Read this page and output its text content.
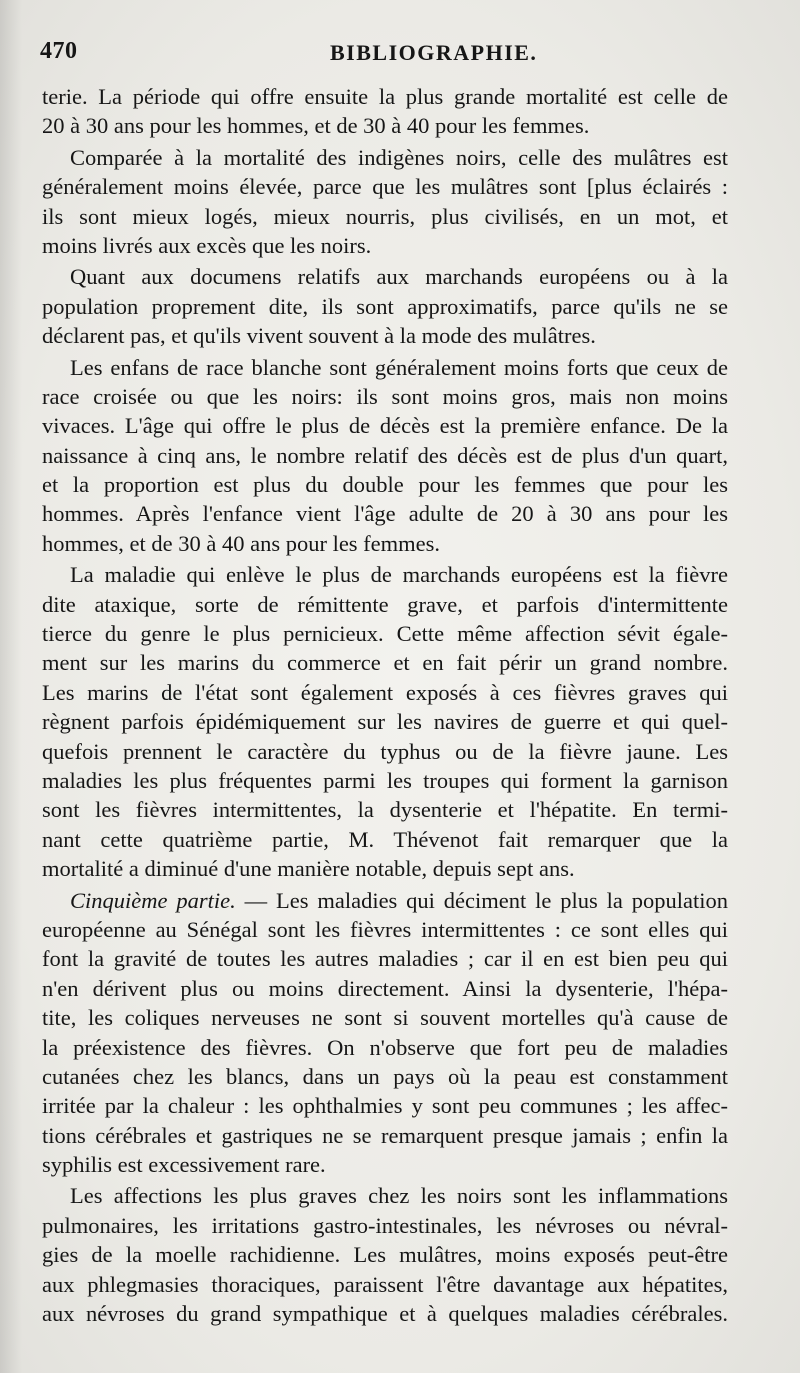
470	BIBLIOGRAPHIE.
terie. La période qui offre ensuite la plus grande mortalité est celle de
20 à 30 ans pour les hommes, et de 30 à 40 pour les femmes.
Comparée à la mortalité des indigènes noirs, celle des mulâtres est
généralement moins élevée, parce que les mulâtres sont [plus éclairés :
ils sont mieux logés, mieux nourris, plus civilisés, en un mot, et
moins livrés aux excès que les noirs.
Quant aux documens relatifs aux marchands européens ou à la
population proprement dite, ils sont approximatifs, parce qu'ils ne se
déclarent pas, et qu'ils vivent souvent à la mode des mulâtres.
Les enfans de race blanche sont généralement moins forts que ceux de
race croisée ou que les noirs: ils sont moins gros, mais non moins
vivaces. L'âge qui offre le plus de décès est la première enfance. De la
naissance à cinq ans, le nombre relatif des décès est de plus d'un quart,
et la proportion est plus du double pour les femmes que pour les
hommes. Après l'enfance vient l'âge adulte de 20 à 30 ans pour les
hommes, et de 30 à 40 ans pour les femmes.
La maladie qui enlève le plus de marchands européens est la fièvre
dite ataxique, sorte de rémittente grave, et parfois d'intermittente
tierce du genre le plus pernicieux. Cette même affection sévit égale-
ment sur les marins du commerce et en fait périr un grand nombre.
Les marins de l'état sont également exposés à ces fièvres graves qui
règnent parfois épidémiquement sur les navires de guerre et qui quel-
quefois prennent le caractère du typhus ou de la fièvre jaune. Les
maladies les plus fréquentes parmi les troupes qui forment la garnison
sont les fièvres intermittentes, la dysenterie et l'hépatite. En termi-
nant cette quatrième partie, M. Thévenot fait remarquer que la
mortalité a diminué d'une manière notable, depuis sept ans.
Cinquième partie. — Les maladies qui déciment le plus la population
européenne au Sénégal sont les fièvres intermittentes : ce sont elles qui
font la gravité de toutes les autres maladies ; car il en est bien peu qui
n'en dérivent plus ou moins directement. Ainsi la dysenterie, l'hépa-
tite, les coliques nerveuses ne sont si souvent mortelles qu'à cause de
la préexistence des fièvres. On n'observe que fort peu de maladies
cutanées chez les blancs, dans un pays où la peau est constamment
irritée par la chaleur : les ophthalmies y sont peu communes ; les affec-
tions cérébrales et gastriques ne se remarquent presque jamais ; enfin la
syphilis est excessivement rare.
Les affections les plus graves chez les noirs sont les inflammations
pulmonaires, les irritations gastro-intestinales, les névroses ou névral-
gies de la moelle rachidienne. Les mulâtres, moins exposés peut-être
aux phlegmasies thoraciques, paraissent l'être davantage aux hépatites,
aux névroses du grand sympathique et à quelques maladies cérébrales.
